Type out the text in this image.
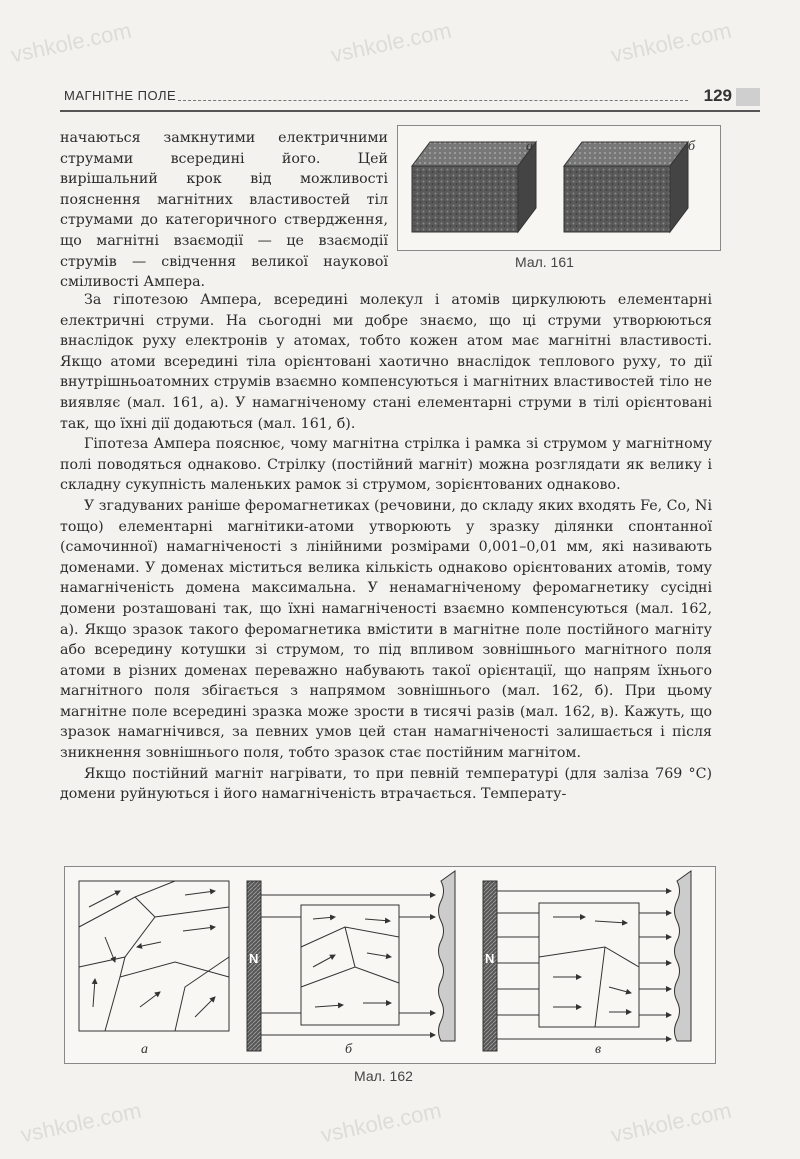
vshkole.com	vshkole.com	vshkole.com
vshkole.com	vshkole.com	vshkole.com
МАГНІТНЕ ПОЛЕ	129
а	б
Мал. 161

начаються замкнутими електричними струмами всередині його. Цей вирішальний крок від можливості пояснення магнітних властивостей тіл струмами до категоричного ствердження, що магнітні взаємодії — це взаємодії струмів — свідчення великої наукової сміливості Ампера.

За гіпотезою Ампера, всередині молекул і атомів циркулюють елементарні електричні струми. На сьогодні ми добре знаємо, що ці струми утворюються внаслідок руху електронів у атомах, тобто кожен атом має магнітні властивості. Якщо атоми всередині тіла орієнтовані хаотично внаслідок теплового руху, то дії внутрішньоатомних струмів взаємно компенсуються і магнітних властивостей тіло не виявляє (мал. 161, а). У намагніченому стані елементарні струми в тілі орієнтовані так, що їхні дії додаються (мал. 161, б).

Гіпотеза Ампера пояснює, чому магнітна стрілка і рамка зі струмом у магнітному полі поводяться однаково. Стрілку (постійний магніт) можна розглядати як велику і складну сукупність маленьких рамок зі струмом, зорієнтованих однаково.

У згадуваних раніше феромагнетиках (речовини, до складу яких входять Fe, Co, Ni тощо) елементарні магнітики-атоми утворюють у зразку ділянки спонтанної (самочинної) намагніченості з лінійними розмірами 0,001–0,01 мм, які називають доменами. У доменах міститься велика кількість однаково орієнтованих атомів, тому намагніченість домена максимальна. У ненамагніченому феромагнетику сусідні домени розташовані так, що їхні намагніченості взаємно компенсуються (мал. 162, а). Якщо зразок такого феромагнетика вмістити в магнітне поле постійного магніту або всередину котушки зі струмом, то під впливом зовнішнього магнітного поля атоми в різних доменах переважно набувають такої орієнтації, що напрям їхнього магнітного поля збігається з напрямом зовнішнього (мал. 162, б). При цьому магнітне поле всередині зразка може зрости в тисячі разів (мал. 162, в). Кажуть, що зразок намагнічився, за певних умов цей стан намагніченості залишається і після зникнення зовнішнього поля, тобто зразок стає постійним магнітом.

Якщо постійний магніт нагрівати, то при певній температурі (для заліза 769 °С) домени руйнуються і його намагніченість втрачається. Температу-

а
N
б
N
в
Мал. 162
